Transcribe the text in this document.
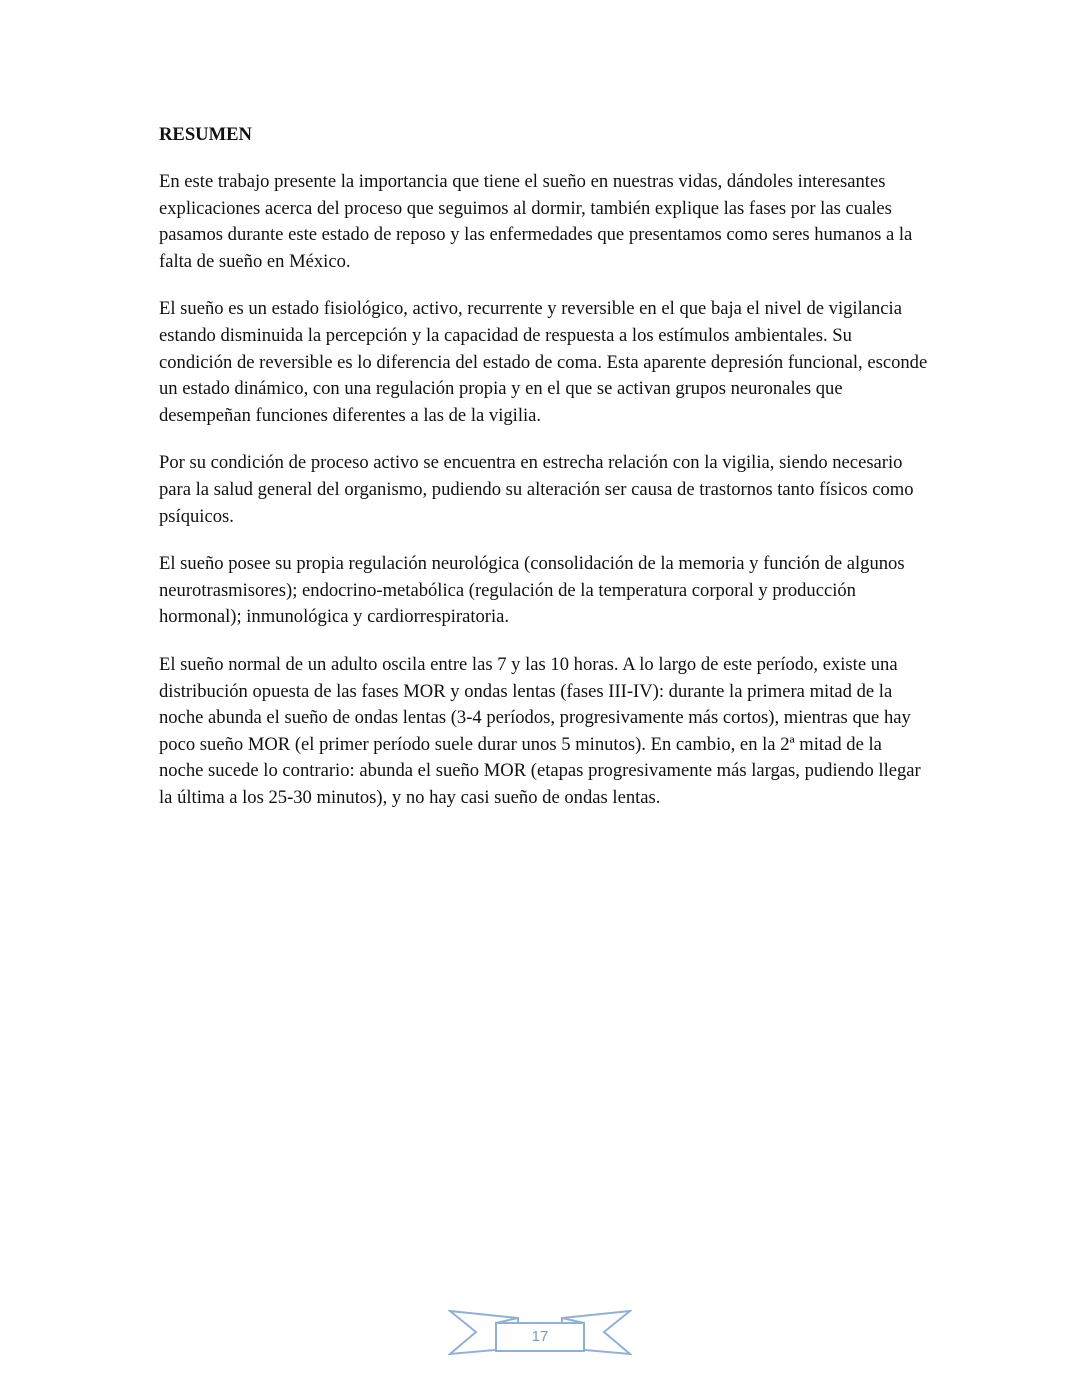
RESUMEN

En este trabajo presente la importancia que tiene el sueño en nuestras vidas, dándoles interesantes explicaciones acerca del proceso que seguimos al dormir, también explique las fases por las cuales pasamos durante este estado de reposo y las enfermedades que presentamos como seres humanos a la falta de sueño en México.

El sueño es un estado fisiológico, activo, recurrente y reversible en el que baja el nivel de vigilancia estando disminuida la percepción y la capacidad de respuesta a los estímulos ambientales. Su condición de reversible es lo diferencia del estado de coma. Esta aparente depresión funcional, esconde un estado dinámico, con una regulación propia y en el que se activan grupos neuronales que desempeñan funciones diferentes a las de la vigilia.

Por su condición de proceso activo se encuentra en estrecha relación con la vigilia, siendo necesario para la salud general del organismo, pudiendo su alteración ser causa de trastornos tanto físicos como psíquicos.

El sueño posee su propia regulación neurológica (consolidación de la memoria y función de algunos neurotrasmisores); endocrino-metabólica (regulación de la temperatura corporal y producción hormonal); inmunológica y cardiorrespiratoria.

El sueño normal de un adulto oscila entre las 7 y las 10 horas. A lo largo de este período, existe una distribución opuesta de las fases MOR y ondas lentas (fases III-IV): durante la primera mitad de la noche abunda el sueño de ondas lentas (3-4 períodos, progresivamente más cortos), mientras que hay poco sueño MOR (el primer período suele durar unos 5 minutos). En cambio, en la 2ª mitad de la noche sucede lo contrario: abunda el sueño MOR (etapas progresivamente más largas, pudiendo llegar la última a los 25-30 minutos), y no hay casi sueño de ondas lentas.

17
